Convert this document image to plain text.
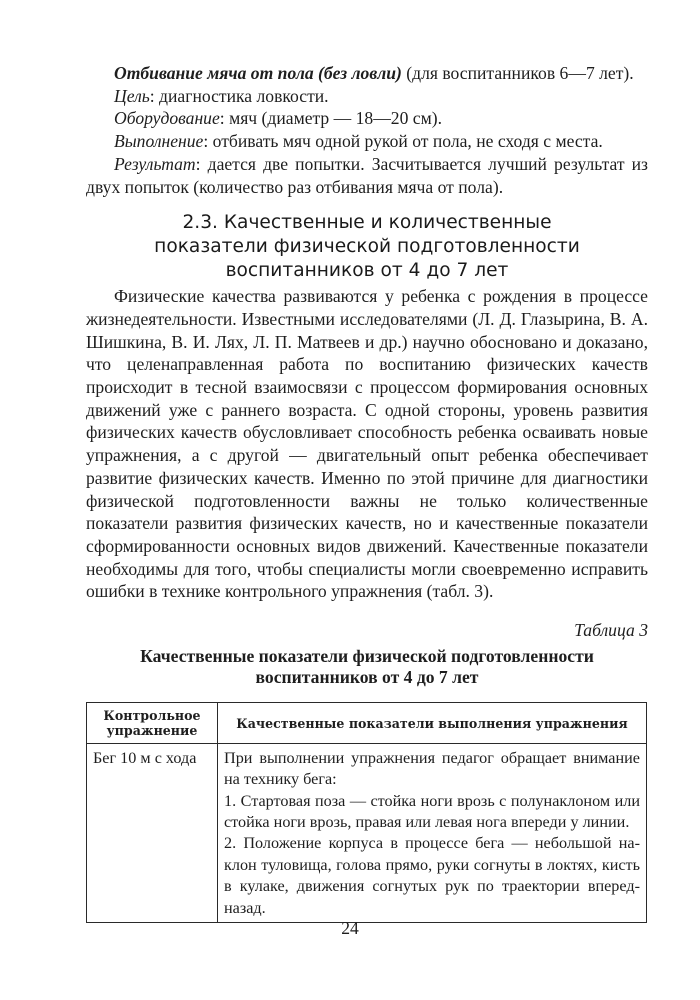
Отбивание мяча от пола (без ловли) (для воспитанников 6—7 лет).

Цель: диагностика ловкости.

Оборудование: мяч (диаметр — 18—20 см).

Выполнение: отбивать мяч одной рукой от пола, не сходя с места.

Результат: дается две попытки. Засчитывается лучший результат из двух попыток (количество раз отбивания мяча от пола).

2.3. Качественные и количественные
показатели физической подготовленности
воспитанников от 4 до 7 лет

Физические качества развиваются у ребенка с рождения в процессе жизнедеятельности. Известными исследователями (Л. Д. Глазырина, В. А. Шишкина, В. И. Лях, Л. П. Матвеев и др.) научно обосновано и доказано, что целенаправленная работа по воспитанию физических качеств происходит в тесной взаимосвязи с процессом формирования основных движений уже с раннего возраста. С одной стороны, уровень развития физических качеств обусловливает способность ребенка осваивать новые упражнения, а с другой — двигательный опыт ребенка обеспечивает развитие физических качеств. Именно по этой причине для диагностики физической подготовленности важны не только количественные показатели развития физических качеств, но и качественные показатели сформированности основных видов движений. Качественные показатели необходимы для того, чтобы специалисты могли своевременно исправить ошибки в технике контрольного упражнения (табл. 3).

Таблица 3
Качественные показатели физической подготовленности
воспитанников от 4 до 7 лет
Контрольное упражнение	Качественные показатели выполнения упражнения
Бег 10 м с хода	При выполнении упражнения педагог обращает внимание на технику бега:
1. Стартовая поза — стойка ноги врозь с полунаклоном или стойка ноги врозь, правая или левая нога впереди у линии.
2. Положение корпуса в процессе бега — небольшой наклон туловища, голова прямо, руки согнуты в локтях, кисть в кулаке, движения согнутых рук по траектории вперед-назад.
24
